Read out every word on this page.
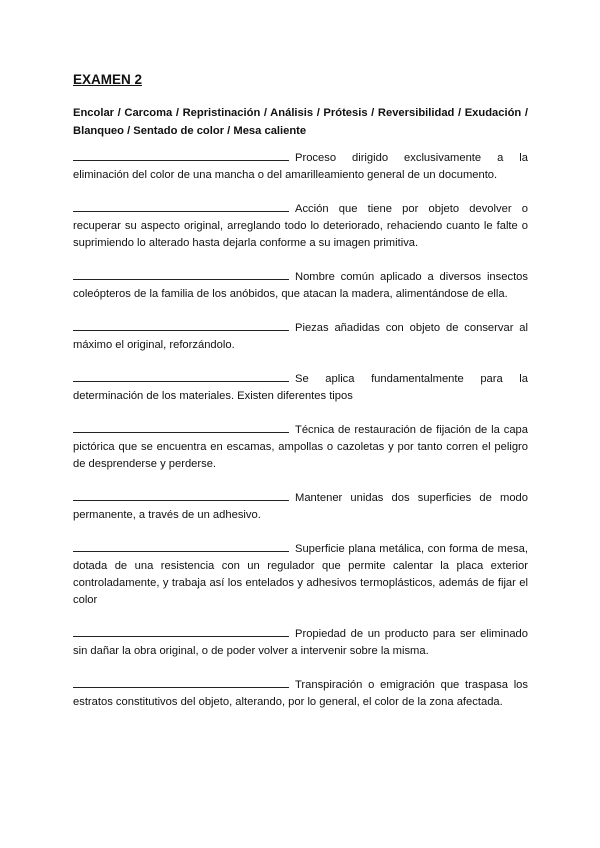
EXAMEN 2
Encolar / Carcoma / Repristinación / Análisis / Prótesis / Reversibilidad / Exudación / Blanqueo / Sentado de color / Mesa caliente

Proceso dirigido exclusivamente a la eliminación del color de una mancha o del amarilleamiento general de un documento.

Acción que tiene por objeto devolver o recuperar su aspecto original, arreglando todo lo deteriorado, rehaciendo cuanto le falte o suprimiendo lo alterado hasta dejarla conforme a su imagen primitiva.

Nombre común aplicado a diversos insectos coleópteros de la familia de los anóbidos, que atacan la madera, alimentándose de ella.

Piezas añadidas con objeto de conservar al máximo el original, reforzándolo.

Se aplica fundamentalmente para la determinación de los materiales. Existen diferentes tipos

Técnica de restauración de fijación de la capa pictórica que se encuentra en escamas, ampollas o cazoletas y por tanto corren el peligro de desprenderse y perderse.

Mantener unidas dos superficies de modo permanente, a través de un adhesivo.

Superficie plana metálica, con forma de mesa, dotada de una resistencia con un regulador que permite calentar la placa exterior controladamente, y trabaja así los entelados y adhesivos termoplásticos, además de fijar el color

Propiedad de un producto para ser eliminado sin dañar la obra original, o de poder volver a intervenir sobre la misma.

Transpiración o emigración que traspasa los estratos constitutivos del objeto, alterando, por lo general, el color de la zona afectada.
